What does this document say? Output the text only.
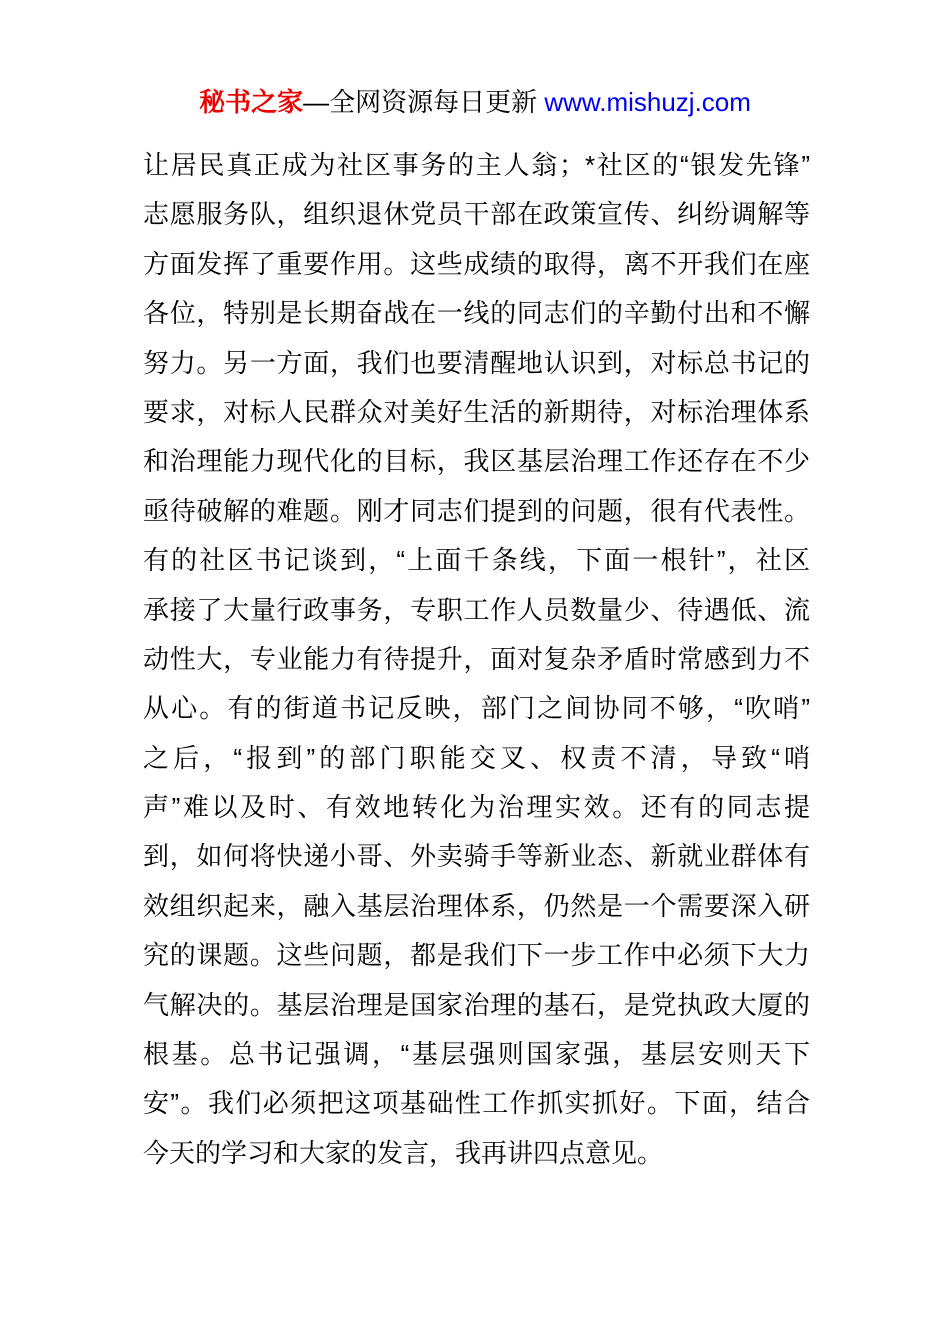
秘书之家—全网资源每日更新 www.mishuzj.com
让居民真正成为社区事务的主人翁；*社区的“银发先锋”
志愿服务队，组织退休党员干部在政策宣传、纠纷调解等
方面发挥了重要作用。这些成绩的取得，离不开我们在座
各位，特别是长期奋战在一线的同志们的辛勤付出和不懈
努力。另一方面，我们也要清醒地认识到，对标总书记的
要求，对标人民群众对美好生活的新期待，对标治理体系
和治理能力现代化的目标，我区基层治理工作还存在不少
亟待破解的难题。刚才同志们提到的问题，很有代表性。
有的社区书记谈到，“上面千条线，下面一根针”，社区
承接了大量行政事务，专职工作人员数量少、待遇低、流
动性大，专业能力有待提升，面对复杂矛盾时常感到力不
从心。有的街道书记反映，部门之间协同不够，“吹哨”
之后，“报到”的部门职能交叉、权责不清，导致“哨
声”难以及时、有效地转化为治理实效。还有的同志提
到，如何将快递小哥、外卖骑手等新业态、新就业群体有
效组织起来，融入基层治理体系，仍然是一个需要深入研
究的课题。这些问题，都是我们下一步工作中必须下大力
气解决的。基层治理是国家治理的基石，是党执政大厦的
根基。总书记强调，“基层强则国家强，基层安则天下
安”。我们必须把这项基础性工作抓实抓好。下面，结合
今天的学习和大家的发言，我再讲四点意见。
